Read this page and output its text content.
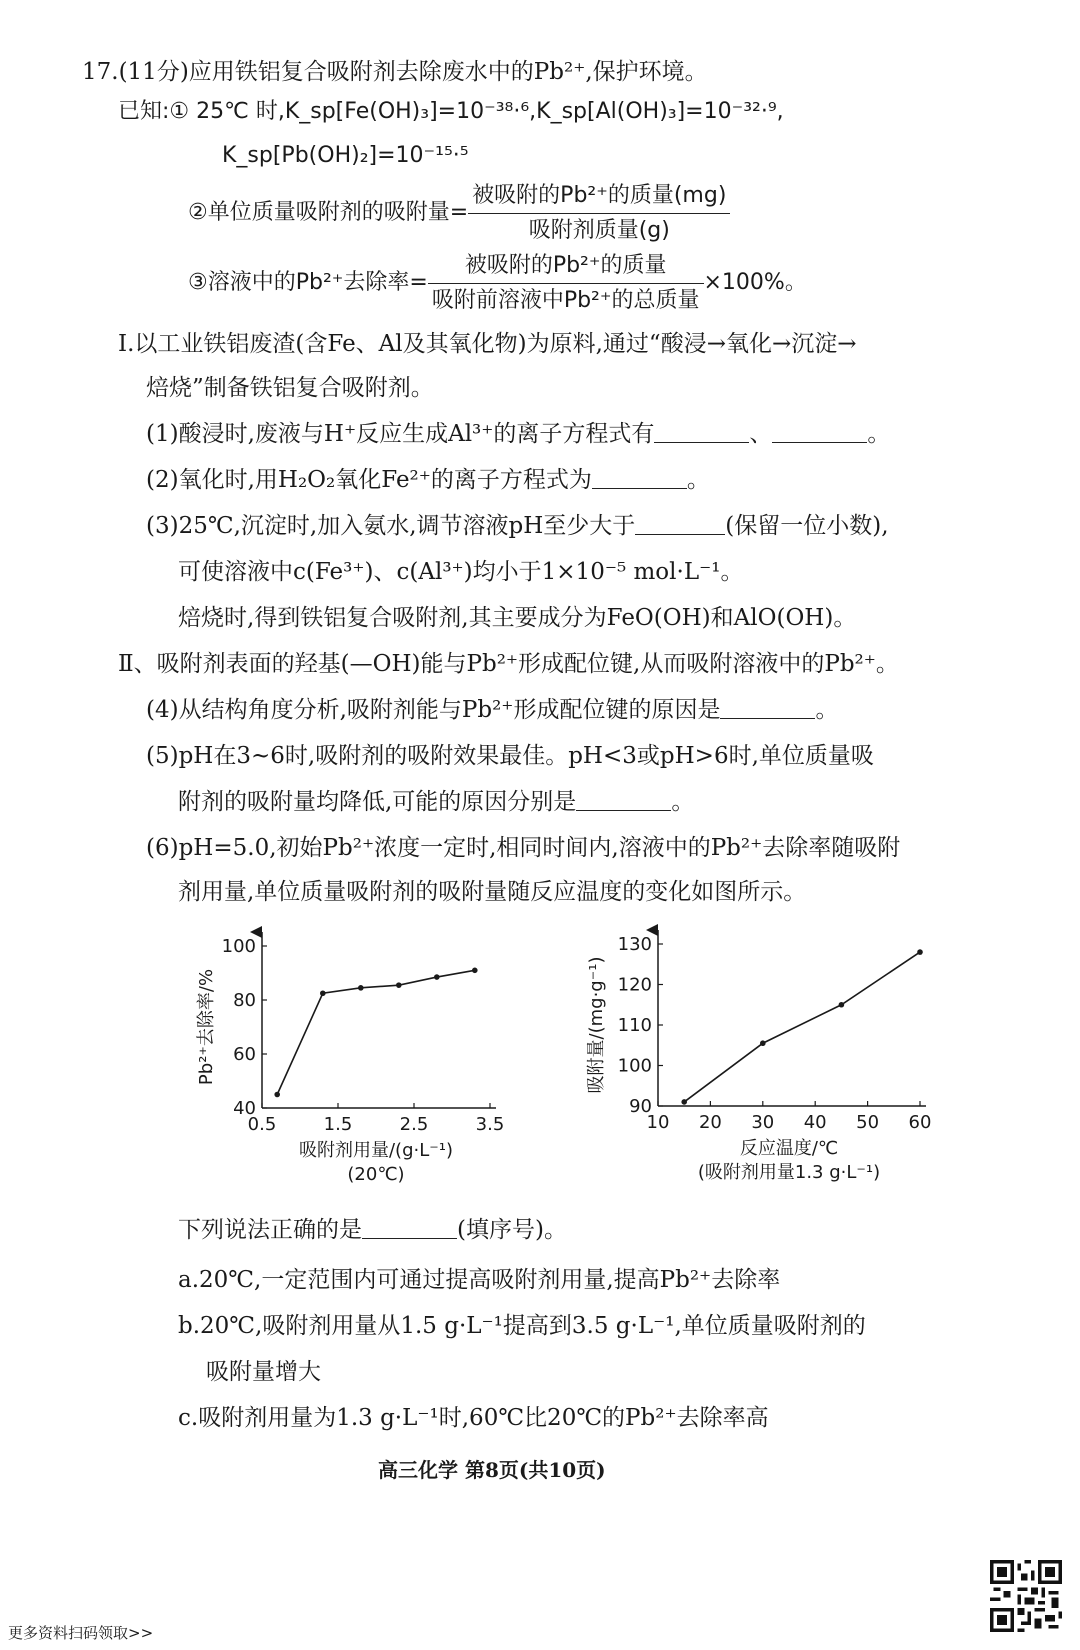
17.(11分)应用铁铝复合吸附剂去除废水中的Pb²⁺,保护环境。
已知:① 25℃ 时,K_sp[Fe(OH)₃]=10⁻³⁸·⁶,K_sp[Al(OH)₃]=10⁻³²·⁹,
K_sp[Pb(OH)₂]=10⁻¹⁵·⁵
②单位质量吸附剂的吸附量= $\frac{\text{被吸附的Pb²⁺的质量(mg)}}{\text{吸附剂质量(g)}}$
③溶液中的Pb²⁺去除率= $\frac{\text{被吸附的Pb²⁺的质量}}{\text{吸附前溶液中Pb²⁺的总质量}} \times 100\%$。
Ⅰ.以工业铁铝废渣(含Fe、Al及其氧化物)为原料,通过“酸浸→氧化→沉淀→
焙烧”制备铁铝复合吸附剂。
(1)酸浸时,废液与H⁺反应生成Al³⁺的离子方程式有	、	。
(2)氧化时,用H₂O₂氧化Fe²⁺的离子方程式为	。
(3)25℃,沉淀时,加入氨水,调节溶液pH至少大于	(保留一位小数),
可使溶液中c(Fe³⁺)、c(Al³⁺)均小于1×10⁻⁵ mol·L⁻¹。
焙烧时,得到铁铝复合吸附剂,其主要成分为FeO(OH)和AlO(OH)。
Ⅱ、吸附剂表面的羟基(—OH)能与Pb²⁺形成配位键,从而吸附溶液中的Pb²⁺。
(4)从结构角度分析,吸附剂能与Pb²⁺形成配位键的原因是	。
(5)pH在3~6时,吸附剂的吸附效果最佳。pH<3或pH>6时,单位质量吸
附剂的吸附量均降低,可能的原因分别是	。
(6)pH=5.0,初始Pb²⁺浓度一定时,相同时间内,溶液中的Pb²⁺去除率随吸附
剂用量,单位质量吸附剂的吸附量随反应温度的变化如图所示。
0.5	1.5	2.5	3.5
40
60
80
100
吸附剂用量/(g·L⁻¹)
(20℃)
Pb²⁺去除率/%
10 20 30 40 50 60
90
100
110
120
130
反应温度/℃
(吸附剂用量1.3 g·L⁻¹)
吸附量/(mg·g⁻¹)
下列说法正确的是	(填序号)。
a.20℃,一定范围内可通过提高吸附剂用量,提高Pb²⁺去除率
b.20℃,吸附剂用量从1.5 g·L⁻¹提高到3.5 g·L⁻¹,单位质量吸附剂的
吸附量增大
c.吸附剂用量为1.3 g·L⁻¹时,60℃比20℃的Pb²⁺去除率高
高三化学 第8页(共10页)
更多资料扫码领取>>
